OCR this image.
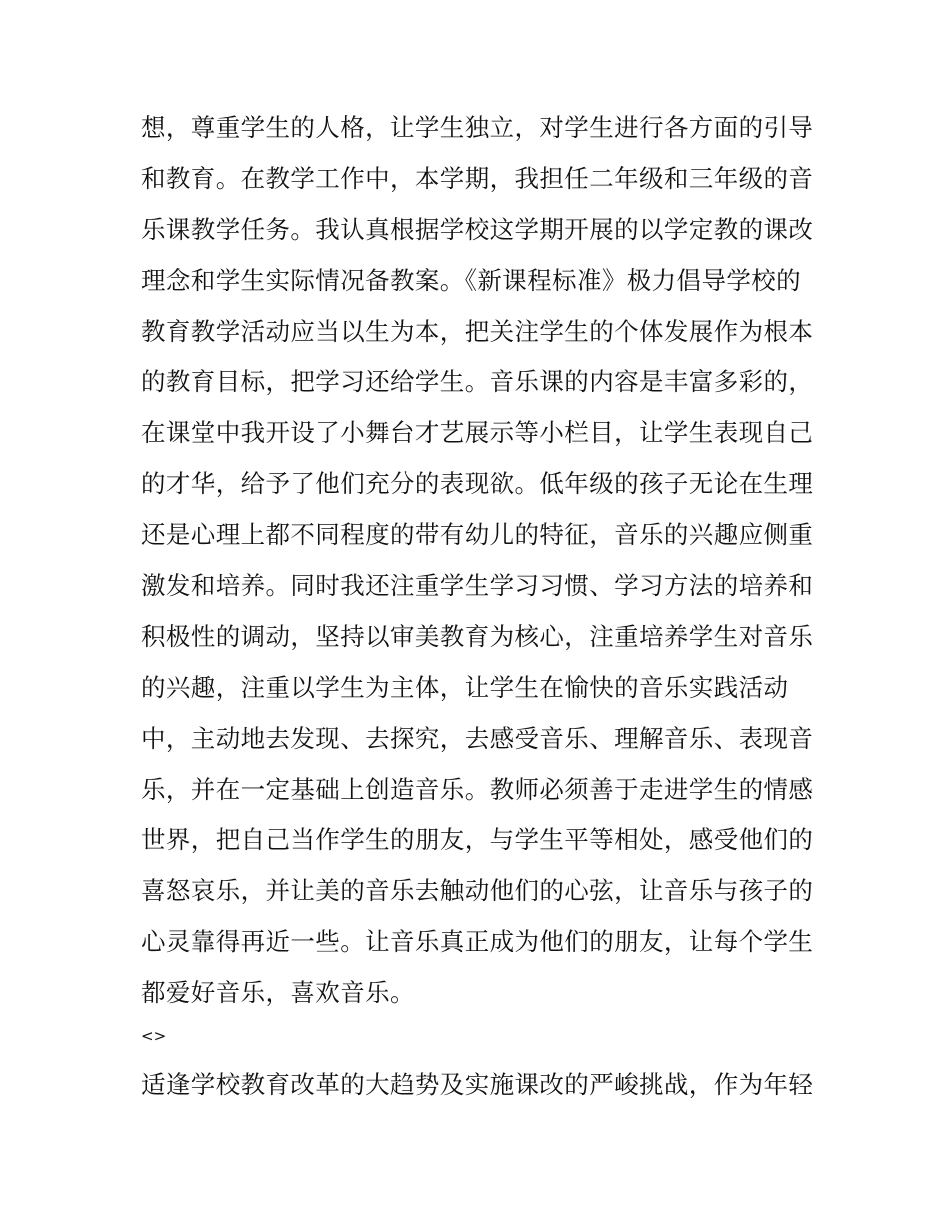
想，尊重学生的人格，让学生独立，对学生进行各方面的引导
和教育。在教学工作中，本学期，我担任二年级和三年级的音
乐课教学任务。我认真根据学校这学期开展的以学定教的课改
理念和学生实际情况备教案。《新课程标准》极力倡导学校的
教育教学活动应当以生为本，把关注学生的个体发展作为根本
的教育目标，把学习还给学生。音乐课的内容是丰富多彩的，
在课堂中我开设了小舞台才艺展示等小栏目，让学生表现自己
的才华，给予了他们充分的表现欲。低年级的孩子无论在生理
还是心理上都不同程度的带有幼儿的特征，音乐的兴趣应侧重
激发和培养。同时我还注重学生学习习惯、学习方法的培养和
积极性的调动，坚持以审美教育为核心，注重培养学生对音乐
的兴趣，注重以学生为主体，让学生在愉快的音乐实践活动
中，主动地去发现、去探究，去感受音乐、理解音乐、表现音
乐，并在一定基础上创造音乐。教师必须善于走进学生的情感
世界，把自己当作学生的朋友，与学生平等相处，感受他们的
喜怒哀乐，并让美的音乐去触动他们的心弦，让音乐与孩子的
心灵靠得再近一些。让音乐真正成为他们的朋友，让每个学生
都爱好音乐，喜欢音乐。
<>
适逢学校教育改革的大趋势及实施课改的严峻挑战，作为年轻
